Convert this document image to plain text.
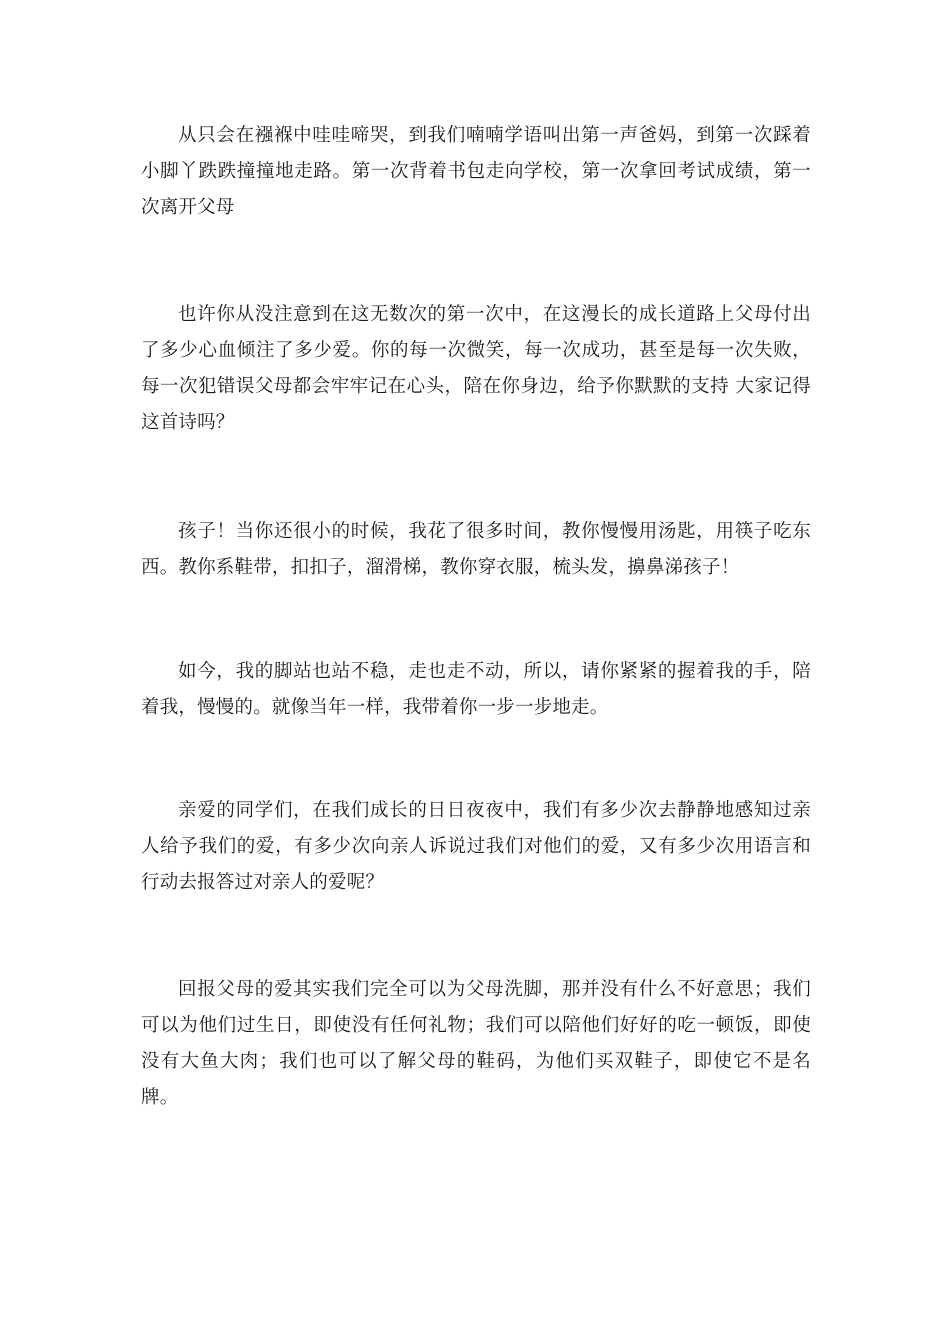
从只会在襁褓中哇哇啼哭，到我们喃喃学语叫出第一声爸妈，到第一次踩着小脚丫跌跌撞撞地走路。第一次背着书包走向学校，第一次拿回考试成绩，第一次离开父母

也许你从没注意到在这无数次的第一次中，在这漫长的成长道路上父母付出了多少心血倾注了多少爱。你的每一次微笑，每一次成功，甚至是每一次失败，每一次犯错误父母都会牢牢记在心头，陪在你身边，给予你默默的支持 大家记得这首诗吗？

孩子！当你还很小的时候，我花了很多时间，教你慢慢用汤匙，用筷子吃东西。教你系鞋带，扣扣子，溜滑梯，教你穿衣服，梳头发，擤鼻涕孩子！

如今，我的脚站也站不稳，走也走不动，所以，请你紧紧的握着我的手，陪着我，慢慢的。就像当年一样，我带着你一步一步地走。

亲爱的同学们，在我们成长的日日夜夜中，我们有多少次去静静地感知过亲人给予我们的爱，有多少次向亲人诉说过我们对他们的爱，又有多少次用语言和行动去报答过对亲人的爱呢？

回报父母的爱其实我们完全可以为父母洗脚，那并没有什么不好意思；我们可以为他们过生日，即使没有任何礼物；我们可以陪他们好好的吃一顿饭，即使没有大鱼大肉；我们也可以了解父母的鞋码，为他们买双鞋子，即使它不是名牌。
